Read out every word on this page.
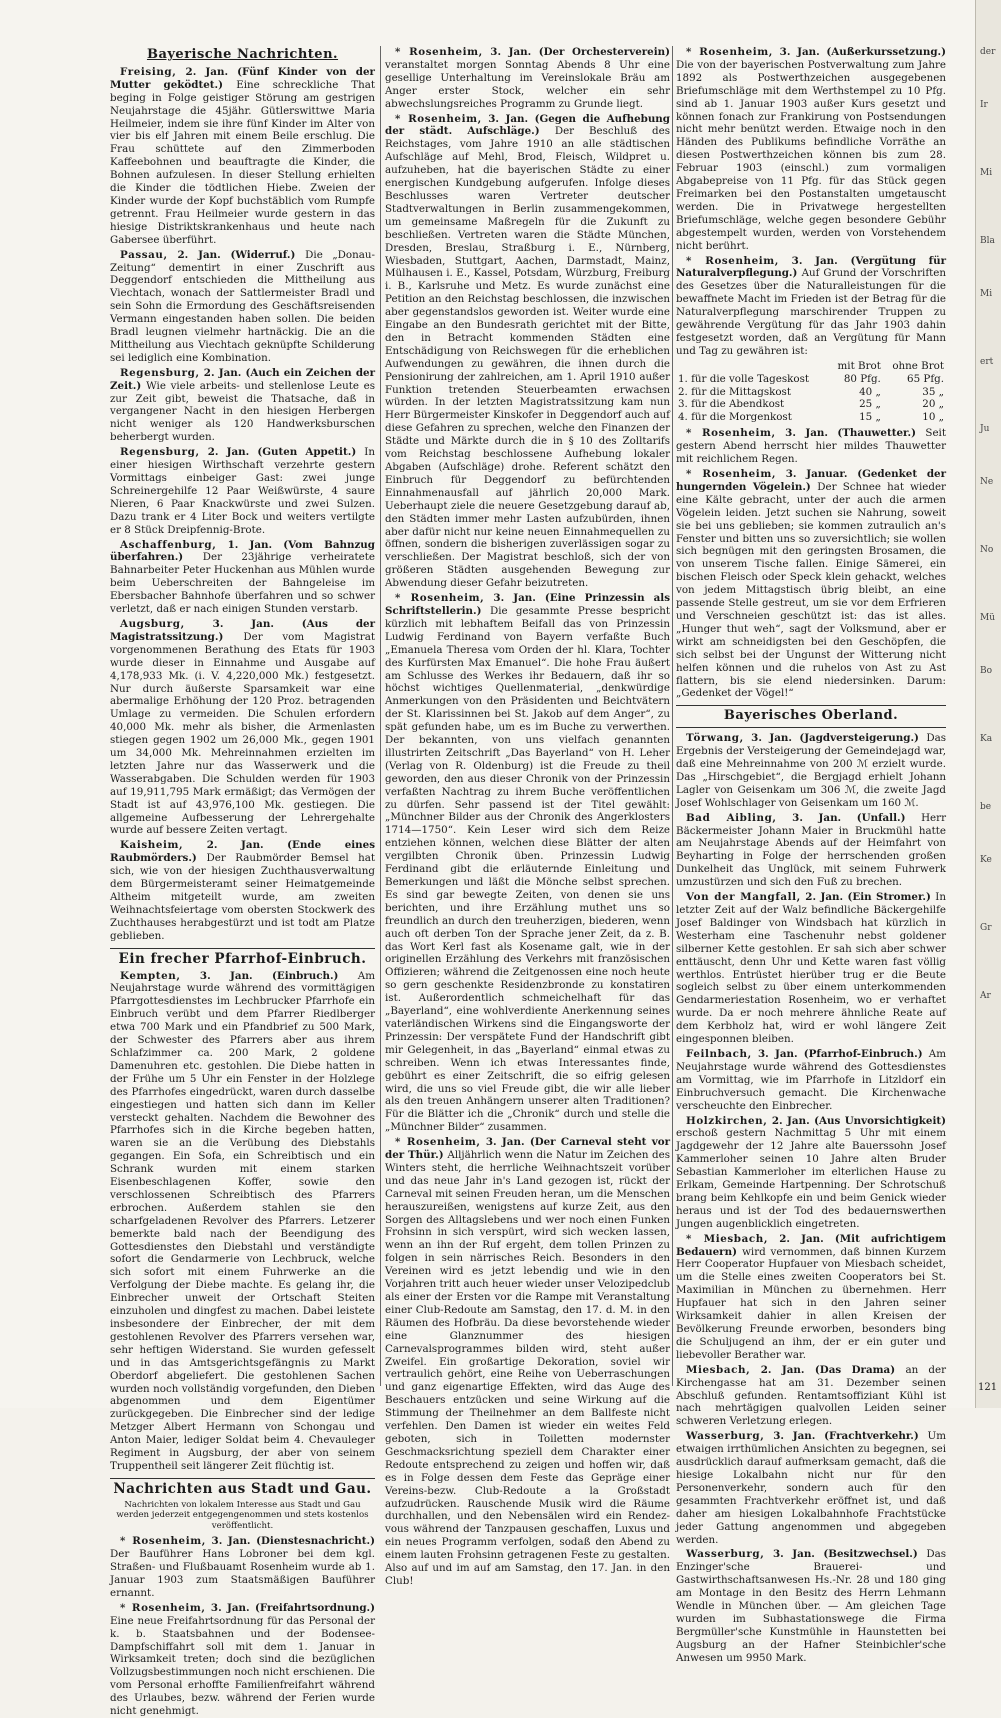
Bayerische Nachrichten.

Freising, 2. Jan. (Fünf Kinder von der Mutter geködtet.) Eine schreckliche That beging in Folge geistiger Störung am gestrigen Neujahrstage die 45jähr. Gütlerswittwe Maria Heilmeier, indem sie ihre fünf Kinder im Alter von vier bis elf Jahren mit einem Beile erschlug. Die Frau schüttete auf den Zimmerboden Kaffeebohnen und beauftragte die Kinder, die Bohnen aufzulesen. In dieser Stellung erhielten die Kinder die tödtlichen Hiebe. Zweien der Kinder wurde der Kopf buchstäblich vom Rumpfe getrennt. Frau Heilmeier wurde gestern in das hiesige Distriktskrankenhaus und heute nach Gabersee überführt.

Passau, 2. Jan. (Widerruf.) Die „Donau-Zeitung“ dementirt in einer Zuschrift aus Deggendorf entschieden die Mittheilung aus Viechtach, wonach der Sattlermeister Bradl und sein Sohn die Ermordung des Geschäftsreisenden Vermann eingestanden haben sollen. Die beiden Bradl leugnen vielmehr hartnäckig. Die an die Mittheilung aus Viechtach geknüpfte Schilderung sei lediglich eine Kombination.

Regensburg, 2. Jan. (Auch ein Zeichen der Zeit.) Wie viele arbeits- und stellenlose Leute es zur Zeit gibt, beweist die Thatsache, daß in vergangener Nacht in den hiesigen Herbergen nicht weniger als 120 Handwerksburschen beherbergt wurden.

Regensburg, 2. Jan. (Guten Appetit.) In einer hiesigen Wirthschaft verzehrte gestern Vormittags einbeiger Gast: zwei junge Schreinergehilfe 12 Paar Weißwürste, 4 saure Nieren, 6 Paar Knackwürste und zwei Sulzen. Dazu trank er 4 Liter Bock und weiters vertilgte er 8 Stück Dreipfennig-Brote.

Aschaffenburg, 1. Jan. (Vom Bahnzug überfahren.) Der 23jährige verheiratete Bahnarbeiter Peter Huckenhan aus Mühlen wurde beim Ueberschreiten der Bahngeleise im Ebersbacher Bahnhofe überfahren und so schwer verletzt, daß er nach einigen Stunden verstarb.

Augsburg, 3. Jan. (Aus der Magistratssitzung.) Der vom Magistrat vorgenommenen Berathung des Etats für 1903 wurde dieser in Einnahme und Ausgabe auf 4,178,933 Mk. (i. V. 4,220,000 Mk.) festgesetzt. Nur durch äußerste Sparsamkeit war eine abermalige Erhöhung der 120 Proz. betragenden Umlage zu vermeiden. Die Schulen erfordern 40,000 Mk. mehr als bisher, die Armenlasten stiegen gegen 1902 um 26,000 Mk., gegen 1901 um 34,000 Mk. Mehreinnahmen erzielten im letzten Jahre nur das Wasserwerk und die Wasserabgaben. Die Schulden werden für 1903 auf 19,911,795 Mark ermäßigt; das Vermögen der Stadt ist auf 43,976,100 Mk. gestiegen. Die allgemeine Aufbesserung der Lehrergehalte wurde auf bessere Zeiten vertagt.

Kaisheim, 2. Jan. (Ende eines Raubmörders.) Der Raubmörder Bemsel hat sich, wie von der hiesigen Zuchthausverwaltung dem Bürgermeisteramt seiner Heimatgemeinde Altheim mitgeteilt wurde, am zweiten Weihnachtsfeiertage vom obersten Stockwerk des Zuchthauses herabgestürzt und ist todt am Platze geblieben.

Ein frecher Pfarrhof-Einbruch.

Kempten, 3. Jan. (Einbruch.) Am Neujahrstage wurde während des vormittägigen Pfarrgottesdienstes im Lechbrucker Pfarrhofe ein Einbruch verübt und dem Pfarrer Riedlberger etwa 700 Mark und ein Pfandbrief zu 500 Mark, der Schwester des Pfarrers aber aus ihrem Schlafzimmer ca. 200 Mark, 2 goldene Damenuhren etc. gestohlen. Die Diebe hatten in der Frühe um 5 Uhr ein Fenster in der Holzlege des Pfarrhofes eingedrückt, waren durch dasselbe eingestiegen und hatten sich dann im Keller versteckt gehalten. Nachdem die Bewohner des Pfarrhofes sich in die Kirche begeben hatten, waren sie an die Verübung des Diebstahls gegangen. Ein Sofa, ein Schreibtisch und ein Schrank wurden mit einem starken Eisenbeschlagenen Koffer, sowie den verschlossenen Schreibtisch des Pfarrers erbrochen. Außerdem stahlen sie den scharfgeladenen Revolver des Pfarrers. Letzerer bemerkte bald nach der Beendigung des Gottesdienstes den Diebstahl und verständigte sofort die Gendarmerie von Lechbruck, welche sich sofort mit einem Fuhrwerke an die Verfolgung der Diebe machte. Es gelang ihr, die Einbrecher unweit der Ortschaft Steiten einzuholen und dingfest zu machen. Dabei leistete insbesondere der Einbrecher, der mit dem gestohlenen Revolver des Pfarrers versehen war, sehr heftigen Widerstand. Sie wurden gefesselt und in das Amtsgerichtsgefängnis zu Markt Oberdorf abgeliefert. Die gestohlenen Sachen wurden noch vollständig vorgefunden, den Dieben abgenommen und dem Eigentümer zurückgegeben. Die Einbrecher sind der ledige Metzger Albert Hermann von Schongau und Anton Maier, lediger Soldat beim 4. Chevauleger Regiment in Augsburg, der aber von seinem Truppentheil seit längerer Zeit flüchtig ist.

Nachrichten aus Stadt und Gau.
Nachrichten von lokalem Interesse aus Stadt und Gau werden jederzeit entgegengenommen und stets kostenlos veröffentlicht.

* Rosenheim, 3. Jan. (Dienstesnachricht.) Der Bauführer Hans Lobroner bei dem kgl. Straßen- und Flußbauamt Rosenheim wurde ab 1. Januar 1903 zum Staatsmäßigen Bauführer ernannt.

* Rosenheim, 3. Jan. (Freifahrtsordnung.) Eine neue Freifahrtsordnung für das Personal der k. b. Staatsbahnen und der Bodensee-Dampfschiffahrt soll mit dem 1. Januar in Wirksamkeit treten; doch sind die bezüglichen Vollzugsbestimmungen noch nicht erschienen. Die vom Personal erhoffte Familienfreifahrt während des Urlaubes, bezw. während der Ferien wurde nicht genehmigt.

* Rosenheim, 3. Jan. (Der Orchesterverein) veranstaltet morgen Sonntag Abends 8 Uhr eine gesellige Unterhaltung im Vereinslokale Bräu am Anger erster Stock, welcher ein sehr abwechslungsreiches Programm zu Grunde liegt.

* Rosenheim, 3. Jan. (Gegen die Aufhebung der städt. Aufschläge.) Der Beschluß des Reichstages, vom Jahre 1910 an alle städtischen Aufschläge auf Mehl, Brod, Fleisch, Wildpret u. aufzuheben, hat die bayerischen Städte zu einer energischen Kundgebung aufgerufen. Infolge dieses Beschlusses waren Vertreter deutscher Stadtverwaltungen in Berlin zusammengekommen, um gemeinsame Maßregeln für die Zukunft zu beschließen. Vertreten waren die Städte München, Dresden, Breslau, Straßburg i. E., Nürnberg, Wiesbaden, Stuttgart, Aachen, Darmstadt, Mainz, Mülhausen i. E., Kassel, Potsdam, Würzburg, Freiburg i. B., Karlsruhe und Metz. Es wurde zunächst eine Petition an den Reichstag beschlossen, die inzwischen aber gegenstandslos geworden ist. Weiter wurde eine Eingabe an den Bundesrath gerichtet mit der Bitte, den in Betracht kommenden Städten eine Entschädigung von Reichswegen für die erheblichen Aufwendungen zu gewähren, die ihnen durch die Pensionirung der zahlreichen, am 1. April 1910 außer Funktion tretenden Steuerbeamten erwachsen würden. In der letzten Magistratssitzung kam nun Herr Bürgermeister Kinskofer in Deggendorf auch auf diese Gefahren zu sprechen, welche den Finanzen der Städte und Märkte durch die in § 10 des Zolltarifs vom Reichstag beschlossene Aufhebung lokaler Abgaben (Aufschläge) drohe. Referent schätzt den Einbruch für Deggendorf zu befürchtenden Einnahmenausfall auf jährlich 20,000 Mark. Ueberhaupt ziele die neuere Gesetzgebung darauf ab, den Städten immer mehr Lasten aufzubürden, ihnen aber dafür nicht nur keine neuen Einnahmequellen zu öffnen, sondern die bisherigen zuverlässigen sogar zu verschließen. Der Magistrat beschloß, sich der von größeren Städten ausgehenden Bewegung zur Abwendung dieser Gefahr beizutreten.

* Rosenheim, 3. Jan. (Eine Prinzessin als Schriftstellerin.) Die gesammte Presse bespricht kürzlich mit lebhaftem Beifall das von Prinzessin Ludwig Ferdinand von Bayern verfaßte Buch „Emanuela Theresa vom Orden der hl. Klara, Tochter des Kurfürsten Max Emanuel“. Die hohe Frau äußert am Schlusse des Werkes ihr Bedauern, daß ihr so höchst wichtiges Quellenmaterial, „denkwürdige Anmerkungen von den Präsidenten und Beichtvätern der St. Klarissinnen bei St. Jakob auf dem Anger“, zu spät gefunden habe, um es im Buche zu verwerthen. Der bekannten, von uns vielfach genannten illustrirten Zeitschrift „Das Bayerland“ von H. Leher (Verlag von R. Oldenburg) ist die Freude zu theil geworden, den aus dieser Chronik von der Prinzessin verfaßten Nachtrag zu ihrem Buche veröffentlichen zu dürfen. Sehr passend ist der Titel gewählt: „Münchner Bilder aus der Chronik des Angerklosters 1714—1750“. Kein Leser wird sich dem Reize entziehen können, welchen diese Blätter der alten vergilbten Chronik üben. Prinzessin Ludwig Ferdinand gibt die erläuternde Einleitung und Bemerkungen und läßt die Mönche selbst sprechen. Es sind gar bewegte Zeiten, von denen sie uns berichten, und ihre Erzählung muthet uns so freundlich an durch den treuherzigen, biederen, wenn auch oft derben Ton der Sprache jener Zeit, da z. B. das Wort Kerl fast als Kosename galt, wie in der originellen Erzählung des Verkehrs mit französischen Offizieren; während die Zeitgenossen eine noch heute so gern geschenkte Residenzbronde zu konstatiren ist. Außerordentlich schmeichelhaft für das „Bayerland“, eine wohlverdiente Anerkennung seines vaterländischen Wirkens sind die Eingangsworte der Prinzessin: Der verspätete Fund der Handschrift gibt mir Gelegenheit, in das „Bayerland“ einmal etwas zu schreiben. Wenn ich etwas Interessantes finde, gebührt es einer Zeitschrift, die so eifrig gelesen wird, die uns so viel Freude gibt, die wir alle lieber als den treuen Anhängern unserer alten Traditionen? Für die Blätter ich die „Chronik“ durch und stelle die „Münchner Bilder“ zusammen.

* Rosenheim, 3. Jan. (Der Carneval steht vor der Thür.) Alljährlich wenn die Natur im Zeichen des Winters steht, die herrliche Weihnachtszeit vorüber und das neue Jahr in's Land gezogen ist, rückt der Carneval mit seinen Freuden heran, um die Menschen herauszureißen, wenigstens auf kurze Zeit, aus den Sorgen des Alltagslebens und wer noch einen Funken Frohsinn in sich verspürt, wird sich wecken lassen, wenn an ihn der Ruf ergeht, dem tollen Prinzen zu folgen in sein närrisches Reich. Besonders in den Vereinen wird es jetzt lebendig und wie in den Vorjahren tritt auch heuer wieder unser Velozipedclub als einer der Ersten vor die Rampe mit Veranstaltung einer Club-Redoute am Samstag, den 17. d. M. in den Räumen des Hofbräu. Da diese bevorstehende wieder eine Glanznummer des hiesigen Carnevalsprogrammes bilden wird, steht außer Zweifel. Ein großartige Dekoration, soviel wir vertraulich gehört, eine Reihe von Ueberraschungen und ganz eigenartige Effekten, wird das Auge des Beschauers entzücken und seine Wirkung auf die Stimmung der Theilnehmer an dem Ballfeste nicht verfehlen. Den Damen ist wieder ein weites Feld geboten, sich in Toiletten modernster Geschmacksrichtung speziell dem Charakter einer Redoute entsprechend zu zeigen und hoffen wir, daß es in Folge dessen dem Feste das Gepräge einer Vereins-bezw. Club-Redoute a la Großstadt aufzudrücken. Rauschende Musik wird die Räume durchhallen, und den Nebensälen wird ein Rendez-vous während der Tanzpausen geschaffen, Luxus und ein neues Programm verfolgen, sodaß den Abend zu einem lauten Frohsinn getragenen Feste zu gestalten. Also auf und im auf am Samstag, den 17. Jan. in den Club!

* Rosenheim, 3. Jan. (Außerkurssetzung.) Die von der bayerischen Postverwaltung zum Jahre 1892 als Postwerthzeichen ausgegebenen Briefumschläge mit dem Werthstempel zu 10 Pfg. sind ab 1. Januar 1903 außer Kurs gesetzt und können fonach zur Frankirung von Postsendungen nicht mehr benützt werden. Etwaige noch in den Händen des Publikums befindliche Vorräthe an diesen Postwerthzeichen können bis zum 28. Februar 1903 (einschl.) zum vormaligen Abgabepreise von 11 Pfg. für das Stück gegen Freimarken bei den Postanstalten umgetauscht werden. Die in Privatwege hergestellten Briefumschläge, welche gegen besondere Gebühr abgestempelt wurden, werden von Vorstehendem nicht berührt.

* Rosenheim, 3. Jan. (Vergütung für Naturalverpflegung.) Auf Grund der Vorschriften des Gesetzes über die Naturalleistungen für die bewaffnete Macht im Frieden ist der Betrag für die Naturalverpflegung marschirender Truppen zu gewährende Vergütung für das Jahr 1903 dahin festgesetzt worden, daß an Vergütung für Mann und Tag zu gewähren ist:

	mit Brot	ohne Brot
1. für die volle Tageskost	80 Pfg.	65 Pfg.
2. für die Mittagskost	40 „	35 „
3. für die Abendkost	25 „	20 „
4. für die Morgenkost	15 „	10 „

* Rosenheim, 3. Jan. (Thauwetter.) Seit gestern Abend herrscht hier mildes Thauwetter mit reichlichem Regen.

* Rosenheim, 3. Januar. (Gedenket der hungernden Vögelein.) Der Schnee hat wieder eine Kälte gebracht, unter der auch die armen Vögelein leiden. Jetzt suchen sie Nahrung, soweit sie bei uns geblieben; sie kommen zutraulich an's Fenster und bitten uns so zuversichtlich; sie wollen sich begnügen mit den geringsten Brosamen, die von unserem Tische fallen. Einige Sämerei, ein bischen Fleisch oder Speck klein gehackt, welches von jedem Mittagstisch übrig bleibt, an eine passende Stelle gestreut, um sie vor dem Erfrieren und Verschneien geschützt ist: das ist alles. „Hunger thut weh“, sagt der Volksmund, aber er wirkt am schneidigsten bei den Geschöpfen, die sich selbst bei der Ungunst der Witterung nicht helfen können und die ruhelos von Ast zu Ast flattern, bis sie elend niedersinken. Darum: „Gedenket der Vögel!“

Bayerisches Oberland.

Törwang, 3. Jan. (Jagdversteigerung.) Das Ergebnis der Versteigerung der Gemeindejagd war, daß eine Mehreinnahme von 200 ℳ erzielt wurde. Das „Hirschgebiet“, die Bergjagd erhielt Johann Lagler von Geisenkam um 306 ℳ, die zweite Jagd Josef Wohlschlager von Geisenkam um 160 ℳ.

Bad Aibling, 3. Jan. (Unfall.) Herr Bäckermeister Johann Maier in Bruckmühl hatte am Neujahrstage Abends auf der Heimfahrt von Beyharting in Folge der herrschenden großen Dunkelheit das Unglück, mit seinem Fuhrwerk umzustürzen und sich den Fuß zu brechen.

Von der Mangfall, 2. Jan. (Ein Stromer.) In letzter Zeit auf der Walz befindliche Bäckergehilfe Josef Baldinger von Windsbach hat kürzlich in Westerham eine Taschenuhr nebst goldener silberner Kette gestohlen. Er sah sich aber schwer enttäuscht, denn Uhr und Kette waren fast völlig werthlos. Entrüstet hierüber trug er die Beute sogleich selbst zu über einem unterkommenden Gendarmeriestation Rosenheim, wo er verhaftet wurde. Da er noch mehrere ähnliche Reate auf dem Kerbholz hat, wird er wohl längere Zeit eingesponnen bleiben.

Feilnbach, 3. Jan. (Pfarrhof-Einbruch.) Am Neujahrstage wurde während des Gottesdienstes am Vormittag, wie im Pfarrhofe in Litzldorf ein Einbruchversuch gemacht. Die Kirchenwache verscheuchte den Einbrecher.

Holzkirchen, 2. Jan. (Aus Unvorsichtigkeit) erschoß gestern Nachmittag 5 Uhr mit einem Jagdgewehr der 12 Jahre alte Bauerssohn Josef Kammerloher seinen 10 Jahre alten Bruder Sebastian Kammerloher im elterlichen Hause zu Erlkam, Gemeinde Hartpenning. Der Schrotschuß brang beim Kehlkopfe ein und beim Genick wieder heraus und ist der Tod des bedauernswerthen Jungen augenblicklich eingetreten.

* Miesbach, 2. Jan. (Mit aufrichtigem Bedauern) wird vernommen, daß binnen Kurzem Herr Cooperator Hupfauer von Miesbach scheidet, um die Stelle eines zweiten Cooperators bei St. Maximilian in München zu übernehmen. Herr Hupfauer hat sich in den Jahren seiner Wirksamkeit dahier in allen Kreisen der Bevölkerung Freunde erworben, besonders bing die Schuljugend an ihm, der er ein guter und liebevoller Berather war.

Miesbach, 2. Jan. (Das Drama) an der Kirchengasse hat am 31. Dezember seinen Abschluß gefunden. Rentamtsoffiziant Kühl ist nach mehrtägigen qualvollen Leiden seiner schweren Verletzung erlegen.

Wasserburg, 3. Jan. (Frachtverkehr.) Um etwaigen irrthümlichen Ansichten zu begegnen, sei ausdrücklich darauf aufmerksam gemacht, daß die hiesige Lokalbahn nicht nur für den Personenverkehr, sondern auch für den gesammten Frachtverkehr eröffnet ist, und daß daher am hiesigen Lokalbahnhofe Frachtstücke jeder Gattung angenommen und abgegeben werden.

Wasserburg, 3. Jan. (Besitzwechsel.) Das Enzinger'sche Brauerei- und Gastwirthschaftsanwesen Hs.-Nr. 28 und 180 ging am Montage in den Besitz des Herrn Lehmann Wendle in München über. — Am gleichen Tage wurden im Subhastationswege die Firma Bergmüller'sche Kunstmühle in Haunstetten bei Augsburg an der Hafner Steinbichler'sche Anwesen um 9950 Mark.

der
Ir
Mi
Bla
Mi
ert
Ju
Ne
No
Mü
Bo
Ka
be
Ke
Gr
Ar
121
